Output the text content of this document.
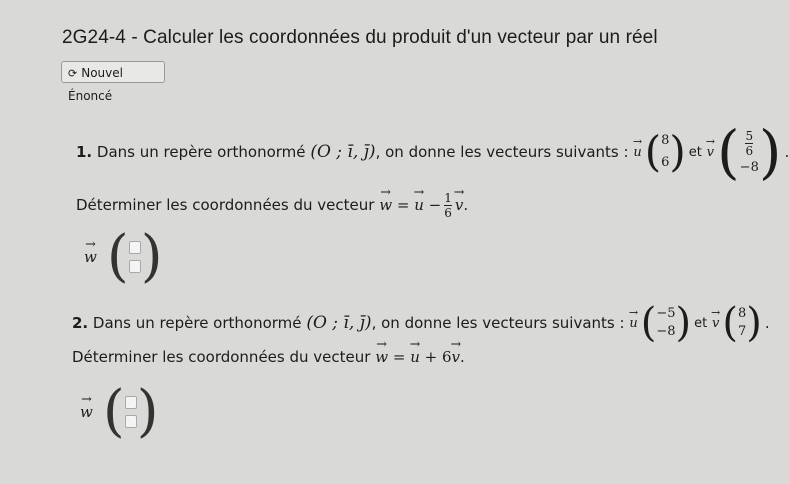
2G24-4 - Calculer les coordonnées du produit d'un vecteur par un réel
⟳ Nouvel Énoncé
1.
Dans un repère orthonormé
(O ; ī, j̄) , on donne les vecteurs suivants :

→ u ( 8
6 ) et

→ v ( $\frac{5}{6}$
−8 ) .
Déterminer les coordonnées du vecteur

→ w
=

→ u
− $\frac{1}{6}$
→ v .
→ w ( )
2.
Dans un repère orthonormé
(O ; ī, j̄) , on donne les vecteurs suivants :

→ u ( −5
−8 ) et

→ v ( 8
7 ) .
Déterminer les coordonnées du vecteur

→ w
=

→ u
+
6
→ v .
→ w ( )
